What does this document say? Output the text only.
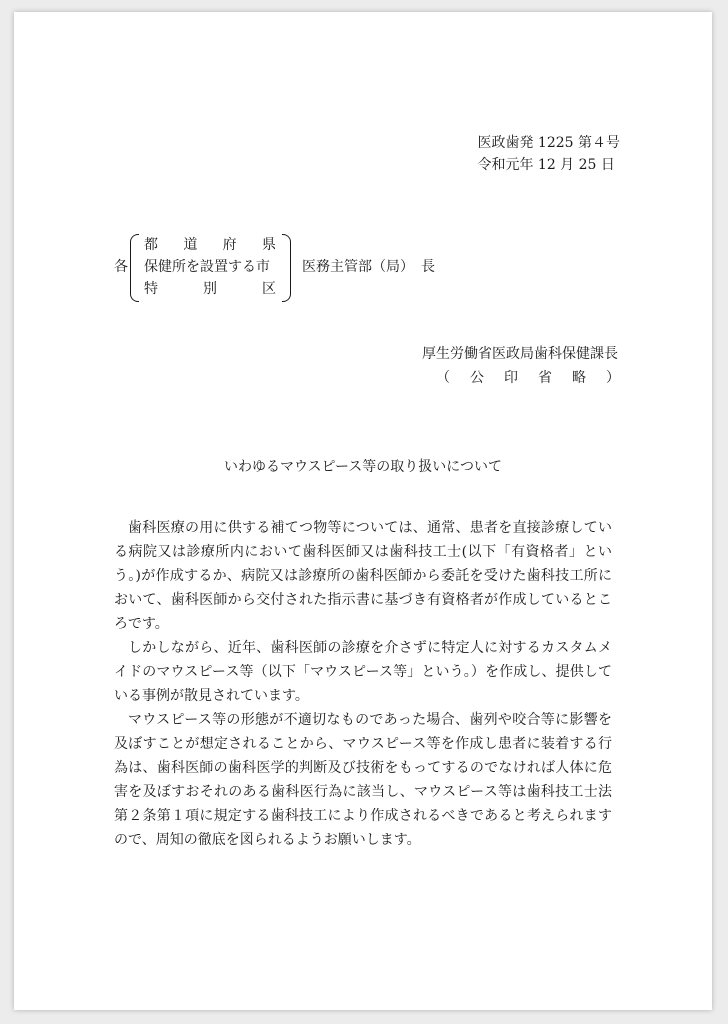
医政歯発 1225 第４号
令和元年 12 月 25 日
各
都 道 府 県
保健所を設置する市
特	別	区
医務主管部（局）　長
厚生労働省医政局歯科保健課長
（ 公 印 省 略 ）
いわゆるマウスピース等の取り扱いについて

歯科医療の用に供する補てつ物等については、通常、患者を直接診療している病院又は診療所内において歯科医師又は歯科技工士(以下「有資格者」という。)が作成するか、病院又は診療所の歯科医師から委託を受けた歯科技工所において、歯科医師から交付された指示書に基づき有資格者が作成しているところです。

しかしながら、近年、歯科医師の診療を介さずに特定人に対するカスタムメイドのマウスピース等（以下「マウスピース等」という。）を作成し、提供している事例が散見されています。

マウスピース等の形態が不適切なものであった場合、歯列や咬合等に影響を及ぼすことが想定されることから、マウスピース等を作成し患者に装着する行為は、歯科医師の歯科医学的判断及び技術をもってするのでなければ人体に危害を及ぼすおそれのある歯科医行為に該当し、マウスピース等は歯科技工士法第２条第１項に規定する歯科技工により作成されるべきであると考えられますので、周知の徹底を図られるようお願いします。
